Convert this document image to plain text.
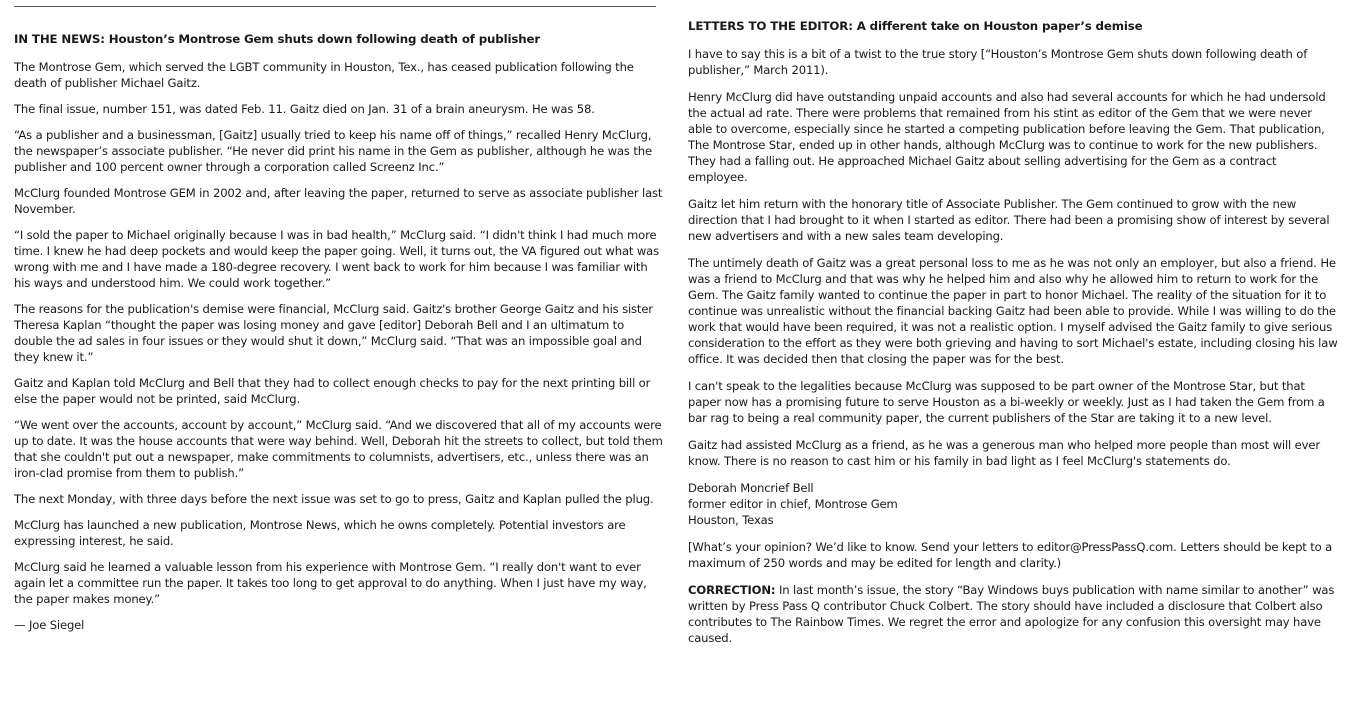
IN THE NEWS: Houston’s Montrose Gem shuts down following death of publisher

The Montrose Gem, which served the LGBT community in Houston, Tex., has ceased publication following the death of publisher Michael Gaitz.

The final issue, number 151, was dated Feb. 11. Gaitz died on Jan. 31 of a brain aneurysm. He was 58.

“As a publisher and a businessman, [Gaitz] usually tried to keep his name off of things,” recalled Henry McClurg, the newspaper’s associate publisher. “He never did print his name in the Gem as publisher, although he was the publisher and 100 percent owner through a corporation called Screenz Inc.”

McClurg founded Montrose GEM in 2002 and, after leaving the paper, returned to serve as associate publisher last November.

“I sold the paper to Michael originally because I was in bad health,” McClurg said. “I didn't think I had much more time. I knew he had deep pockets and would keep the paper going. Well, it turns out, the VA figured out what was wrong with me and I have made a 180-degree recovery. I went back to work for him because I was familiar with his ways and understood him. We could work together.”

The reasons for the publication's demise were financial, McClurg said. Gaitz's brother George Gaitz and his sister Theresa Kaplan “thought the paper was losing money and gave [editor] Deborah Bell and I an ultimatum to double the ad sales in four issues or they would shut it down,” McClurg said. “That was an impossible goal and they knew it.”

Gaitz and Kaplan told McClurg and Bell that they had to collect enough checks to pay for the next printing bill or else the paper would not be printed, said McClurg.

“We went over the accounts, account by account,” McClurg said. “And we discovered that all of my accounts were up to date. It was the house accounts that were way behind. Well, Deborah hit the streets to collect, but told them that she couldn't put out a newspaper, make commitments to columnists, advertisers, etc., unless there was an iron-clad promise from them to publish.”

The next Monday, with three days before the next issue was set to go to press, Gaitz and Kaplan pulled the plug.

McClurg has launched a new publication, Montrose News, which he owns completely. Potential investors are expressing interest, he said.

McClurg said he learned a valuable lesson from his experience with Montrose Gem. “I really don't want to ever again let a committee run the paper. It takes too long to get approval to do anything. When I just have my way, the paper makes money.”

— Joe Siegel

LETTERS TO THE EDITOR: A different take on Houston paper’s demise

I have to say this is a bit of a twist to the true story [“Houston’s Montrose Gem shuts down following death of publisher,” March 2011).

Henry McClurg did have outstanding unpaid accounts and also had several accounts for which he had undersold the actual ad rate. There were problems that remained from his stint as editor of the Gem that we were never able to overcome, especially since he started a competing publication before leaving the Gem. That publication, The Montrose Star, ended up in other hands, although McClurg was to continue to work for the new publishers. They had a falling out. He approached Michael Gaitz about selling advertising for the Gem as a contract employee.

Gaitz let him return with the honorary title of Associate Publisher. The Gem continued to grow with the new direction that I had brought to it when I started as editor. There had been a promising show of interest by several new advertisers and with a new sales team developing.

The untimely death of Gaitz was a great personal loss to me as he was not only an employer, but also a friend. He was a friend to McClurg and that was why he helped him and also why he allowed him to return to work for the Gem. The Gaitz family wanted to continue the paper in part to honor Michael. The reality of the situation for it to continue was unrealistic without the financial backing Gaitz had been able to provide. While I was willing to do the work that would have been required, it was not a realistic option. I myself advised the Gaitz family to give serious consideration to the effort as they were both grieving and having to sort Michael's estate, including closing his law office. It was decided then that closing the paper was for the best.

I can't speak to the legalities because McClurg was supposed to be part owner of the Montrose Star, but that paper now has a promising future to serve Houston as a bi-weekly or weekly. Just as I had taken the Gem from a bar rag to being a real community paper, the current publishers of the Star are taking it to a new level.

Gaitz had assisted McClurg as a friend, as he was a generous man who helped more people than most will ever know. There is no reason to cast him or his family in bad light as I feel McClurg's statements do.

Deborah Moncrief Bell
former editor in chief, Montrose Gem
Houston, Texas

[What’s your opinion? We’d like to know. Send your letters to editor@PressPassQ.com. Letters should be kept to a maximum of 250 words and may be edited for length and clarity.)

CORRECTION: In last month’s issue, the story “Bay Windows buys publication with name similar to another” was written by Press Pass Q contributor Chuck Colbert. The story should have included a disclosure that Colbert also contributes to The Rainbow Times. We regret the error and apologize for any confusion this oversight may have caused.
